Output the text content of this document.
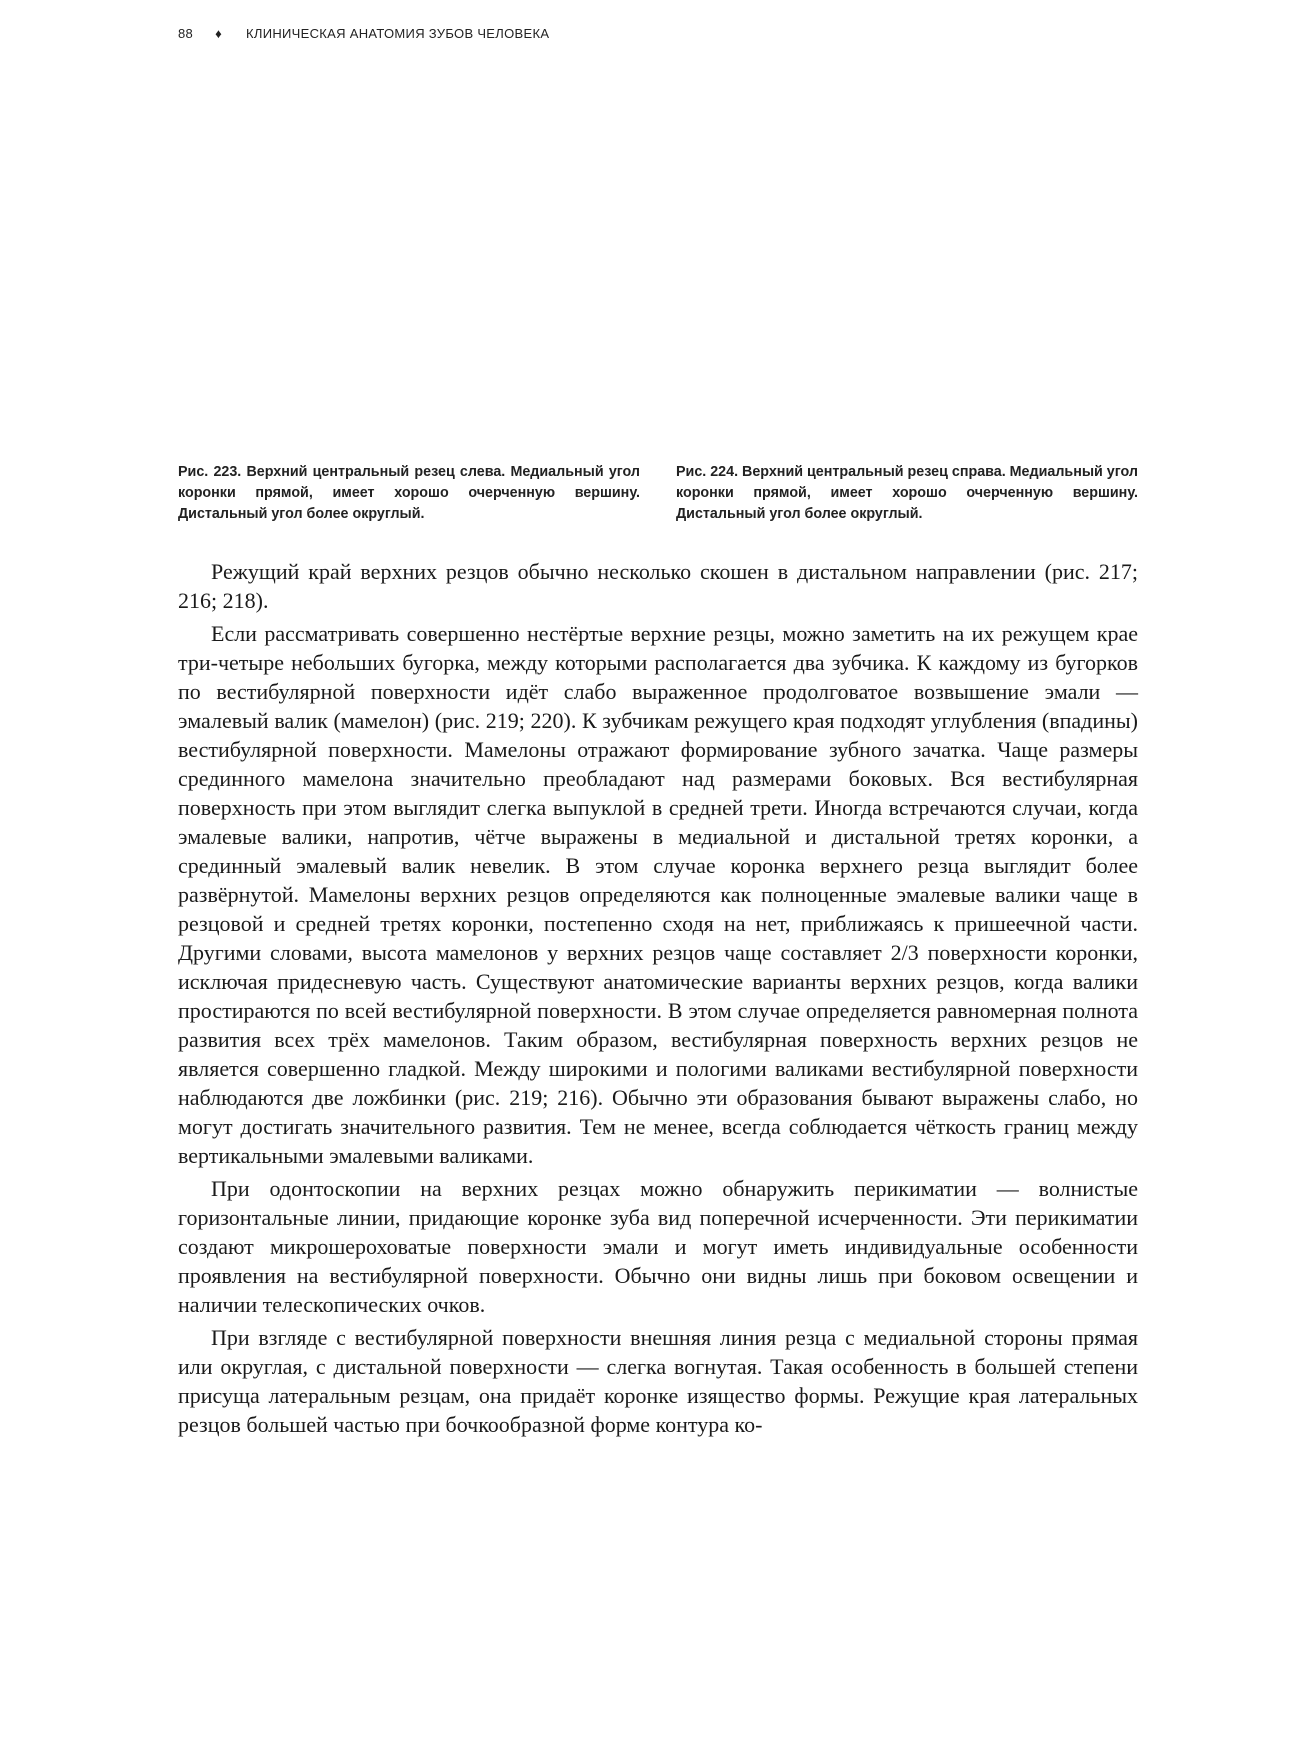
88 ♦ КЛИНИЧЕСКАЯ АНАТОМИЯ ЗУБОВ ЧЕЛОВЕКА
Рис. 223. Верхний центральный резец слева. Медиальный угол коронки прямой, имеет хорошо очерченную вершину. Дистальный угол более округлый.
Рис. 224. Верхний центральный резец справа. Медиальный угол коронки прямой, имеет хорошо очерченную вершину. Дистальный угол более округлый.

Режущий край верхних резцов обычно несколько скошен в дистальном направлении (рис. 217; 216; 218).

Если рассматривать совершенно нестёртые верхние резцы, можно заметить на их режущем крае три-четыре небольших бугорка, между которыми располагается два зубчика. К каждому из бугорков по вестибулярной поверхности идёт слабо выраженное продолговатое возвышение эмали — эмалевый валик (мамелон) (рис. 219; 220). К зубчикам режущего края подходят углубления (впадины) вестибулярной поверхности. Мамелоны отражают формирование зубного зачатка. Чаще размеры срединного мамелона значительно преобладают над размерами боковых. Вся вестибулярная поверхность при этом выглядит слегка выпуклой в средней трети. Иногда встречаются случаи, когда эмалевые валики, напротив, чётче выражены в медиальной и дистальной третях коронки, а срединный эмалевый валик невелик. В этом случае коронка верхнего резца выглядит более развёрнутой. Мамелоны верхних резцов определяются как полноценные эмалевые валики чаще в резцовой и средней третях коронки, постепенно сходя на нет, приближаясь к пришеечной части. Другими словами, высота мамелонов у верхних резцов чаще составляет 2/3 поверхности коронки, исключая придесневую часть. Существуют анатомические варианты верхних резцов, когда валики простираются по всей вестибулярной поверхности. В этом случае определяется равномерная полнота развития всех трёх мамелонов. Таким образом, вестибулярная поверхность верхних резцов не является совершенно гладкой. Между широкими и пологими валиками вестибулярной поверхности наблюдаются две ложбинки (рис. 219; 216). Обычно эти образования бывают выражены слабо, но могут достигать значительного развития. Тем не менее, всегда соблюдается чёткость границ между вертикальными эмалевыми валиками.

При одонтоскопии на верхних резцах можно обнаружить перикиматии — волнистые горизонтальные линии, придающие коронке зуба вид поперечной исчерченности. Эти перикиматии создают микрошероховатые поверхности эмали и могут иметь индивидуальные особенности проявления на вестибулярной поверхности. Обычно они видны лишь при боковом освещении и наличии телескопических очков.

При взгляде с вестибулярной поверхности внешняя линия резца с медиальной стороны прямая или округлая, с дистальной поверхности — слегка вогнутая. Такая особенность в большей степени присуща латеральным резцам, она придаёт коронке изящество формы. Режущие края латеральных резцов большей частью при бочкообразной форме контура ко-
